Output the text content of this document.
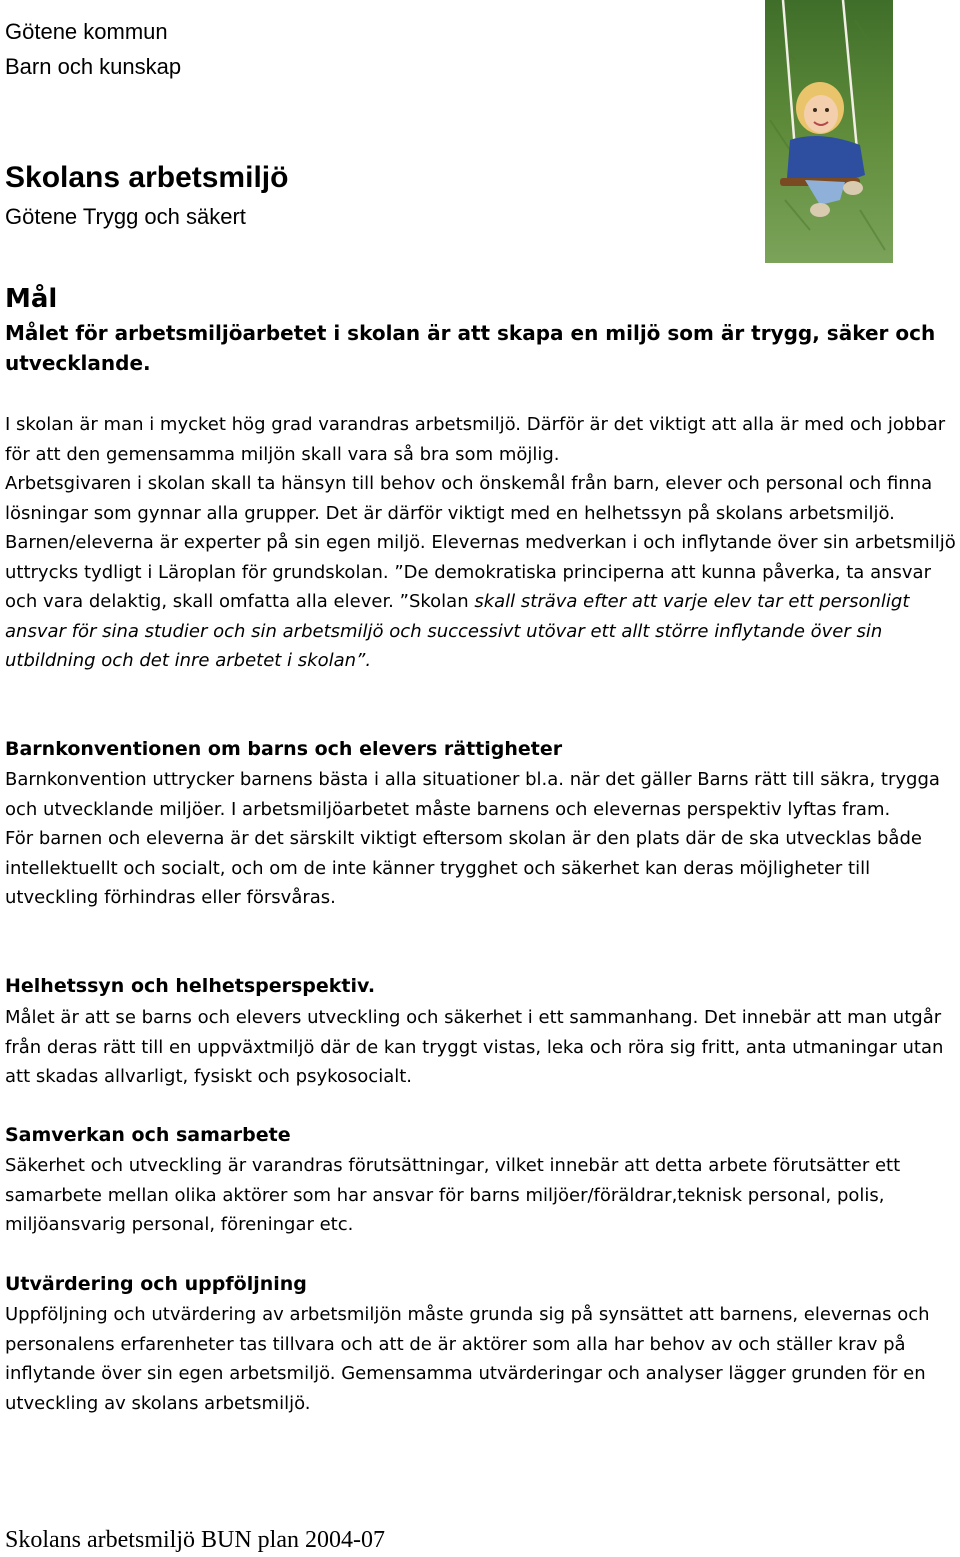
Götene kommun
Barn och kunskap
Skolans arbetsmiljö
Götene Trygg och säkert
Mål

Målet för arbetsmiljöarbetet i skolan är att skapa en miljö som är trygg, säker och utvecklande.

I skolan är man i mycket hög grad varandras arbetsmiljö. Därför är det viktigt att alla är med och jobbar för att den gemensamma miljön skall vara så bra som möjlig.

Arbetsgivaren i skolan skall ta hänsyn till behov och önskemål från barn, elever och personal och finna lösningar som gynnar alla grupper. Det är därför viktigt med en helhetssyn på skolans arbetsmiljö.

Barnen/eleverna är experter på sin egen miljö. Elevernas medverkan i och inflytande över sin arbetsmiljö uttrycks tydligt i Läroplan för grundskolan. ”De demokratiska principerna att kunna påverka, ta ansvar och vara delaktig, skall omfatta alla elever. ”Skolan skall sträva efter att varje elev tar ett personligt ansvar för sina studier och sin arbetsmiljö och successivt utövar ett allt större inflytande över sin utbildning och det inre arbetet i skolan”.

Barnkonventionen om barns och elevers rättigheter

Barnkonvention uttrycker barnens bästa i alla situationer bl.a. när det gäller Barns rätt till säkra, trygga och utvecklande miljöer. I arbetsmiljöarbetet måste barnens och elevernas perspektiv lyftas fram.

För barnen och eleverna är det särskilt viktigt eftersom skolan är den plats där de ska utvecklas både intellektuellt och socialt, och om de inte känner trygghet och säkerhet kan deras möjligheter till utveckling förhindras eller försvåras.

Helhetssyn och helhetsperspektiv.

Målet är att se barns och elevers utveckling och säkerhet i ett sammanhang. Det innebär att man utgår från deras rätt till en uppväxtmiljö där de kan tryggt vistas, leka och röra sig fritt, anta utmaningar utan att skadas allvarligt, fysiskt och psykosocialt.

Samverkan och samarbete

Säkerhet och utveckling är varandras förutsättningar, vilket innebär att detta arbete förutsätter ett samarbete mellan olika aktörer som har ansvar för barns miljöer/föräldrar,teknisk personal, polis, miljöansvarig personal, föreningar etc.

Utvärdering och uppföljning

Uppföljning och utvärdering av arbetsmiljön måste grunda sig på synsättet att barnens, elevernas och personalens erfarenheter tas tillvara och att de är aktörer som alla har behov av och ställer krav på inflytande över sin egen arbetsmiljö. Gemensamma utvärderingar och analyser lägger grunden för en utveckling av skolans arbetsmiljö.

Skolans arbetsmiljö BUN plan 2004-07
